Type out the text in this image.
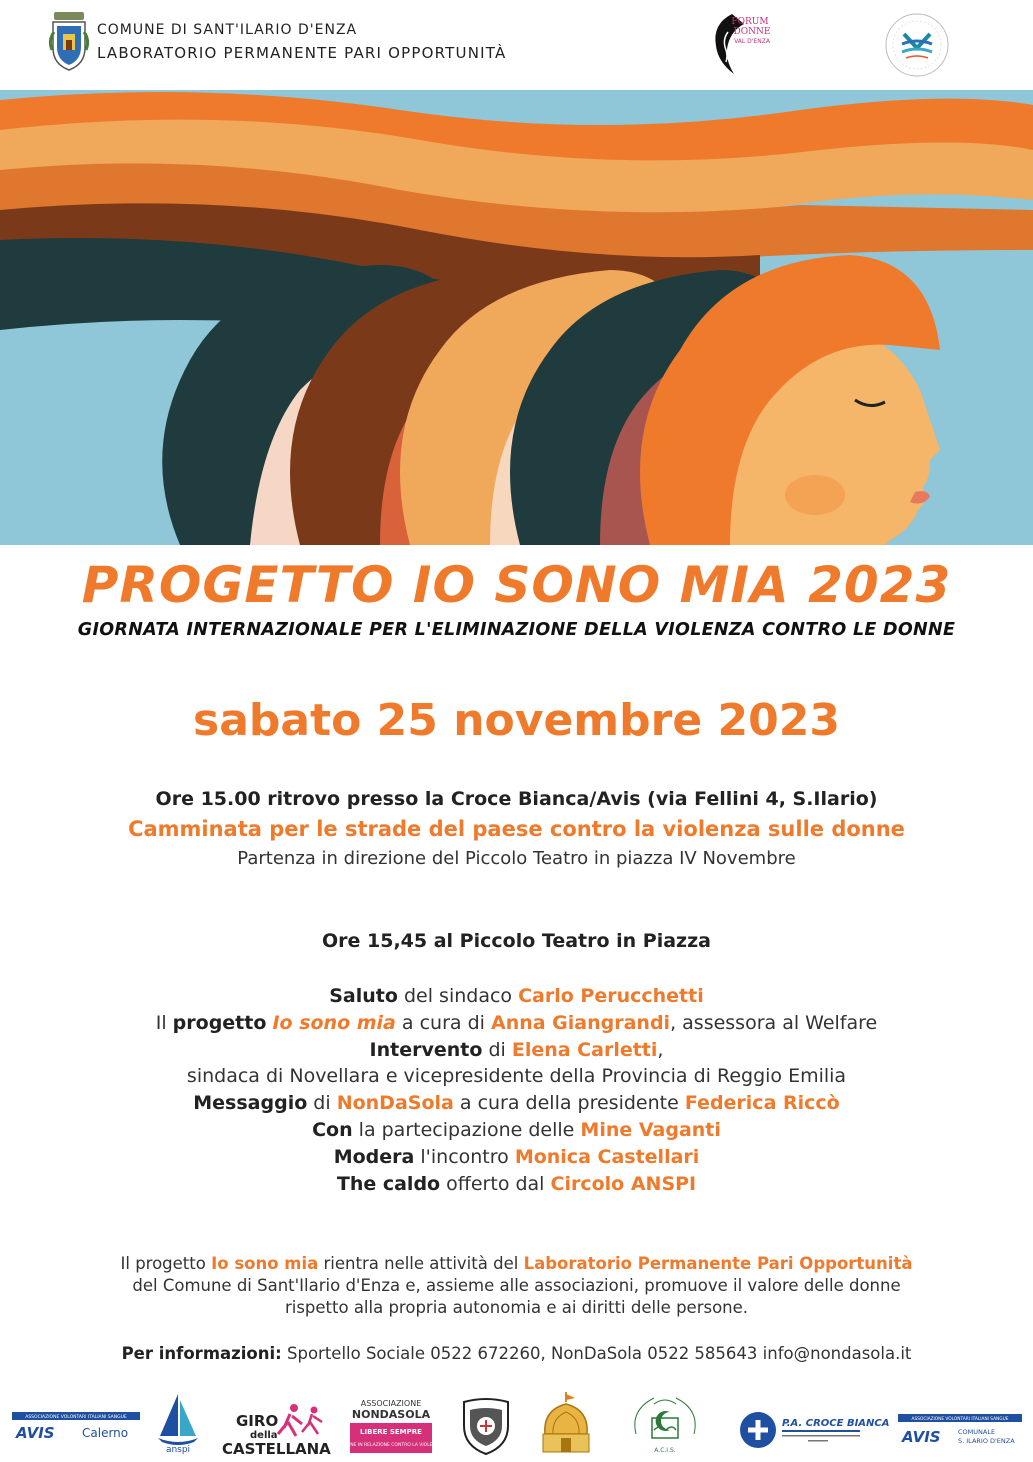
COMUNE DI SANT'ILARIO D'ENZA
LABORATORIO PERMANENTE PARI OPPORTUNITÀ
FORUM
DONNE
VAL D'ENZA
PROGETTO IO SONO MIA 2023
GIORNATA INTERNAZIONALE PER L'ELIMINAZIONE DELLA VIOLENZA CONTRO LE DONNE
sabato 25 novembre 2023
Ore 15.00 ritrovo presso la Croce Bianca/Avis (via Fellini 4, S.Ilario)
Camminata per le strade del paese contro la violenza sulle donne
Partenza in direzione del Piccolo Teatro in piazza IV Novembre
Ore 15,45 al Piccolo Teatro in Piazza
Saluto del sindaco Carlo Perucchetti
Il progetto Io sono mia a cura di Anna Giangrandi, assessora al Welfare
Intervento di Elena Carletti,
sindaca di Novellara e vicepresidente della Provincia di Reggio Emilia
Messaggio di NonDaSola a cura della presidente Federica Riccò
Con la partecipazione delle Mine Vaganti
Modera l'incontro Monica Castellari
The caldo offerto dal Circolo ANSPI
Il progetto Io sono mia rientra nelle attività del Laboratorio Permanente Pari Opportunità
del Comune di Sant'Ilario d'Enza e, assieme alle associazioni, promuove il valore delle donne
rispetto alla propria autonomia e ai diritti delle persone.
Per informazioni: Sportello Sociale 0522 672260, NonDaSola 0522 585643 info@nondasola.it
ASSOCIAZIONE VOLONTARI ITALIANI SANGUE
AVIS Calerno
anspi
GIRO
della
CASTELLANA
ASSOCIAZIONE
NONDASOLA
LIBERE SEMPRE
DONNE IN RELAZIONE CONTRO LA VIOLENZA
A.C.I.S.
P.A. CROCE BIANCA	ASSOCIAZIONE VOLONTARI ITALIANI SANGUE
AVIS	COMUNALE
S. ILARIO D'ENZA
